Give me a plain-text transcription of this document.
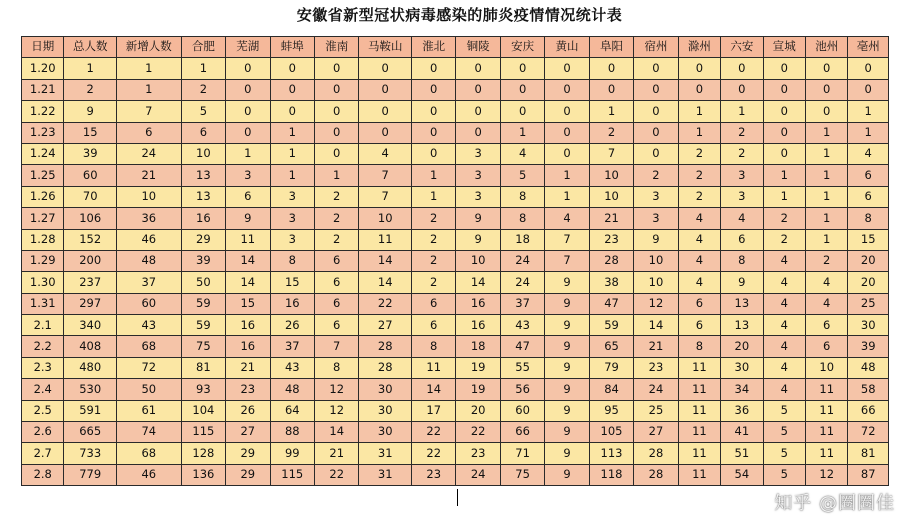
安徽省新型冠状病毒感染的肺炎疫情情况统计表
日期	总人数	新增人数	合肥	芜湖	蚌埠	淮南	马鞍山	淮北	铜陵	安庆	黄山	阜阳	宿州	滁州	六安	宣城	池州	亳州
1.20	1	1	1	0	0	0	0	0	0	0	0	0	0	0	0	0	0	0
1.21	2	1	2	0	0	0	0	0	0	0	0	0	0	0	0	0	0	0
1.22	9	7	5	0	0	0	0	0	0	0	0	1	0	1	1	0	0	1
1.23	15	6	6	0	1	0	0	0	0	1	0	2	0	1	2	0	1	1
1.24	39	24	10	1	1	0	4	0	3	4	0	7	0	2	2	0	1	4
1.25	60	21	13	3	1	1	7	1	3	5	1	10	2	2	3	1	1	6
1.26	70	10	13	6	3	2	7	1	3	8	1	10	3	2	3	1	1	6
1.27	106	36	16	9	3	2	10	2	9	8	4	21	3	4	4	2	1	8
1.28	152	46	29	11	3	2	11	2	9	18	7	23	9	4	6	2	1	15
1.29	200	48	39	14	8	6	14	2	10	24	7	28	10	4	8	4	2	20
1.30	237	37	50	14	15	6	14	2	14	24	9	38	10	4	9	4	4	20
1.31	297	60	59	15	16	6	22	6	16	37	9	47	12	6	13	4	4	25
2.1	340	43	59	16	26	6	27	6	16	43	9	59	14	6	13	4	6	30
2.2	408	68	75	16	37	7	28	8	18	47	9	65	21	8	20	4	6	39
2.3	480	72	81	21	43	8	28	11	19	55	9	79	23	11	30	4	10	48
2.4	530	50	93	23	48	12	30	14	19	56	9	84	24	11	34	4	11	58
2.5	591	61	104	26	64	12	30	17	20	60	9	95	25	11	36	5	11	66
2.6	665	74	115	27	88	14	30	22	22	66	9	105	27	11	41	5	11	72
2.7	733	68	128	29	99	21	31	22	23	71	9	113	28	11	51	5	11	81
2.8	779	46	136	29	115	22	31	23	24	75	9	118	28	11	54	5	12	87
知乎 @圈圈佳
